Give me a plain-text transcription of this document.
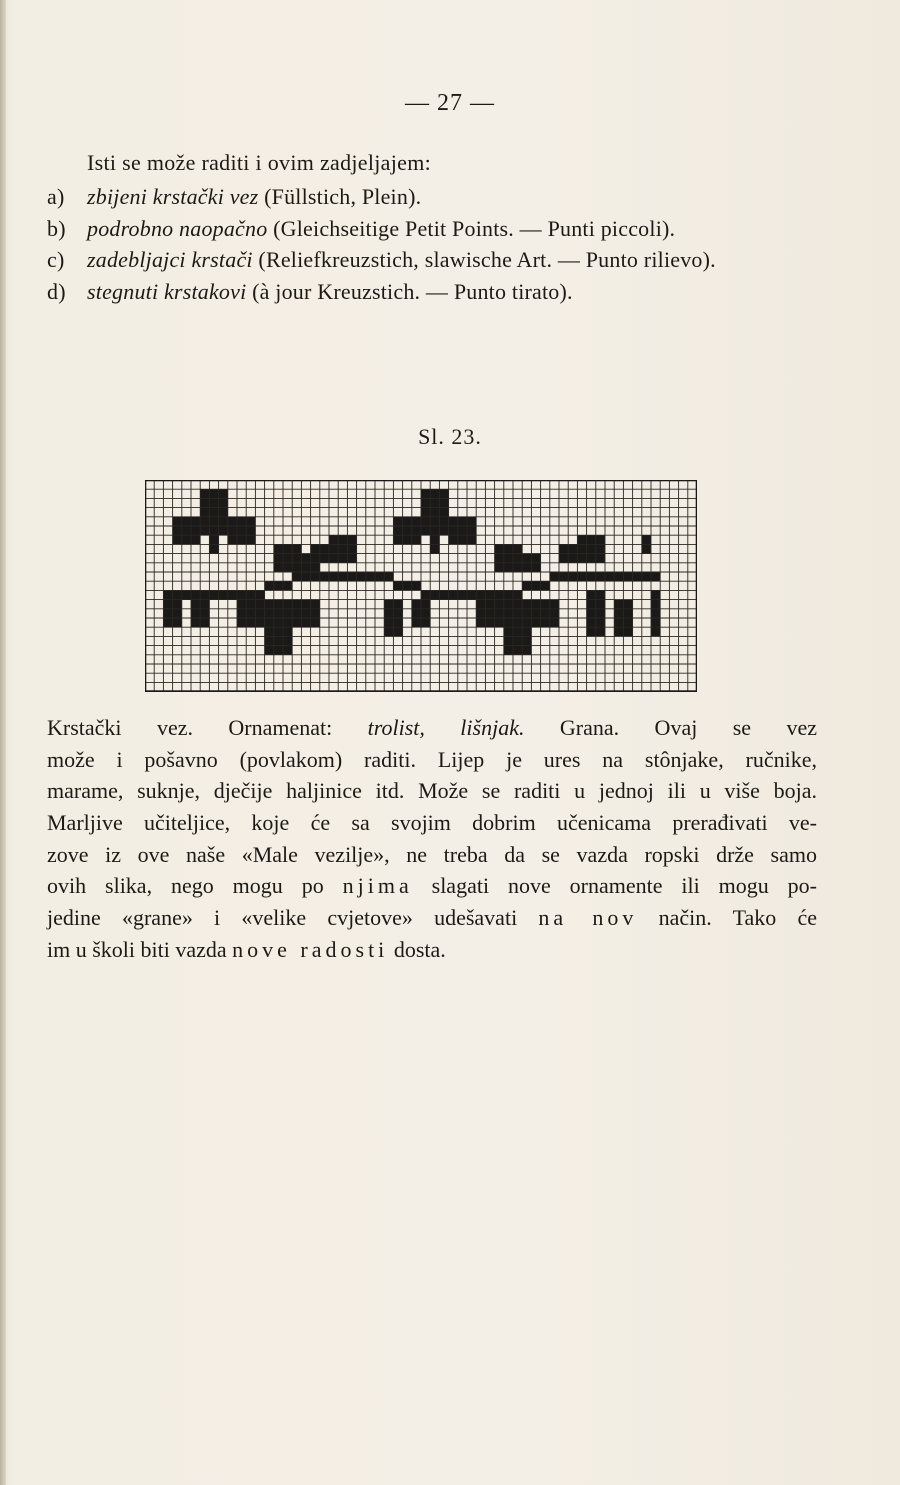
— 27 —
Isti se može raditi i ovim zadjeljajem:
a) zbijeni krstački vez (Füllstich, Plein).
b) podrobno naopačno (Gleichseitige Petit Points. — Punti piccoli).
c) zadebljajci krstači (Reliefkreuzstich, slawische Art. — Punto rilievo).
d) stegnuti krstakovi (à jour Kreuzstich. — Punto tirato).
Sl. 23.
Krstački vez. Ornamenat: trolist, lišnjak. Grana. Ovaj se vez
može i pošavno (povlakom) raditi. Lijep je ures na stônjake, ručnike,
marame, suknje, dječije haljinice itd. Može se raditi u jednoj ili u više boja.
Marljive učiteljice, koje će sa svojim dobrim učenicama prerađivati ve-
zove iz ove naše «Male vezilje», ne treba da se vazda ropski drže samo
ovih slika, nego mogu po njima slagati nove ornamente ili mogu po-
jedine «grane» i «velike cvjetove» udešavati na nov način. Tako će
im u školi biti vazda nove radosti dosta.
